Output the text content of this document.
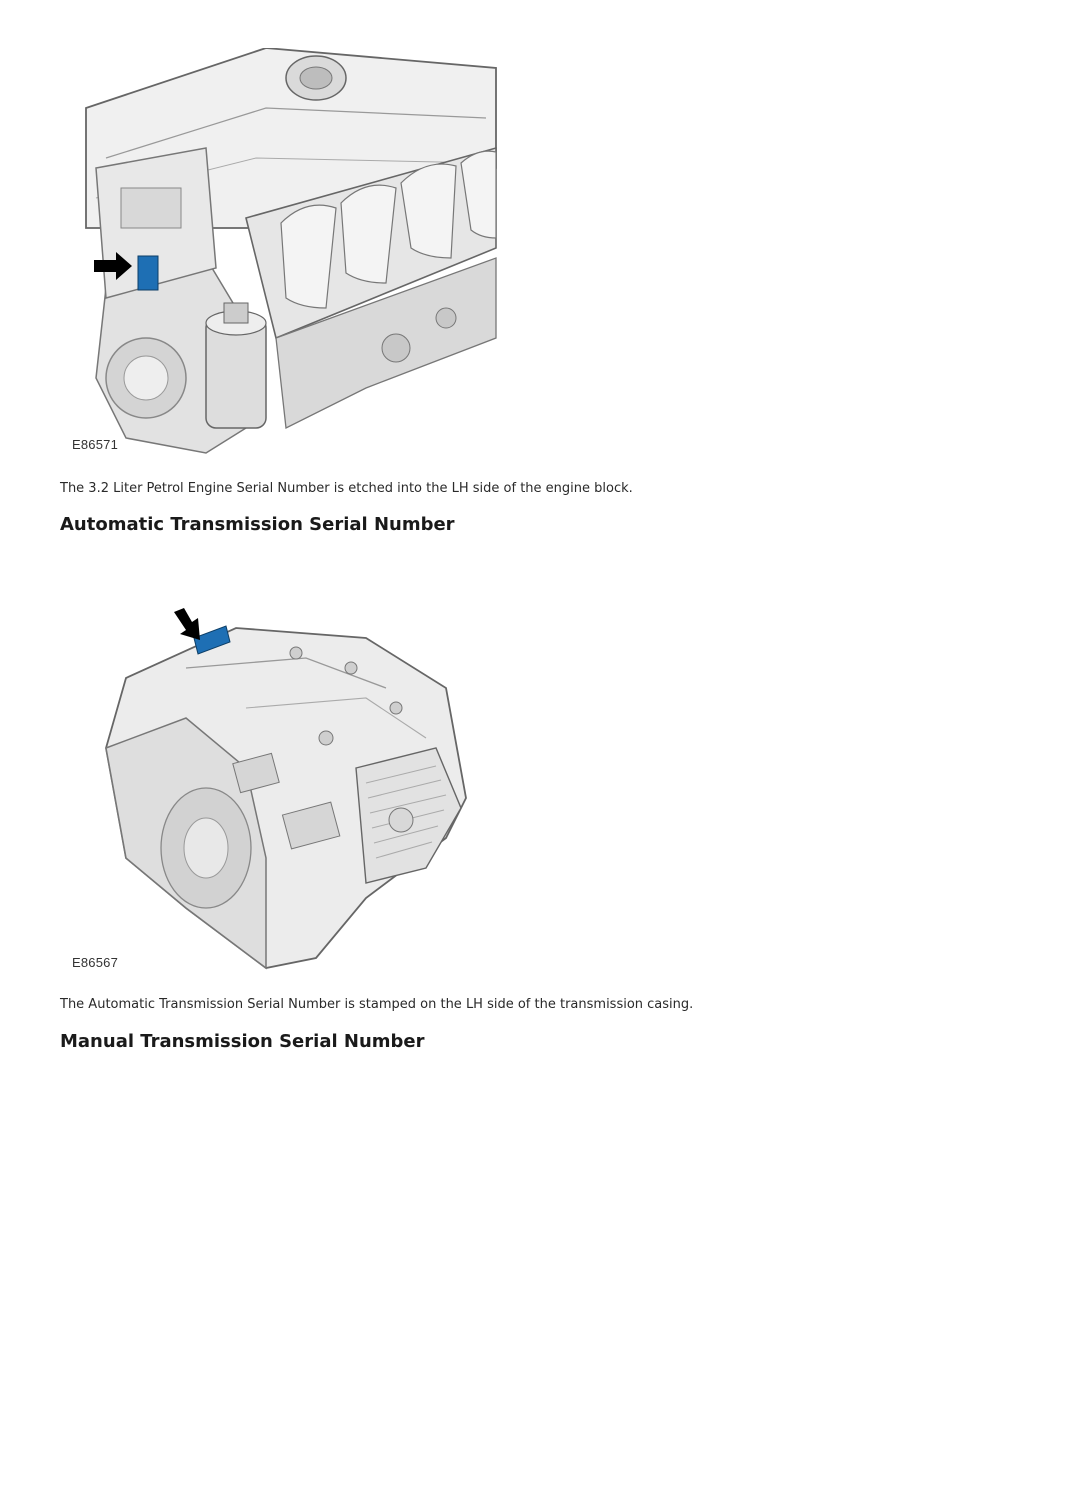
E86571

The 3.2 Liter Petrol Engine Serial Number is etched into the LH side of the engine block.

Automatic Transmission Serial Number
E86567

The Automatic Transmission Serial Number is stamped on the LH side of the transmission casing.

Manual Transmission Serial Number
